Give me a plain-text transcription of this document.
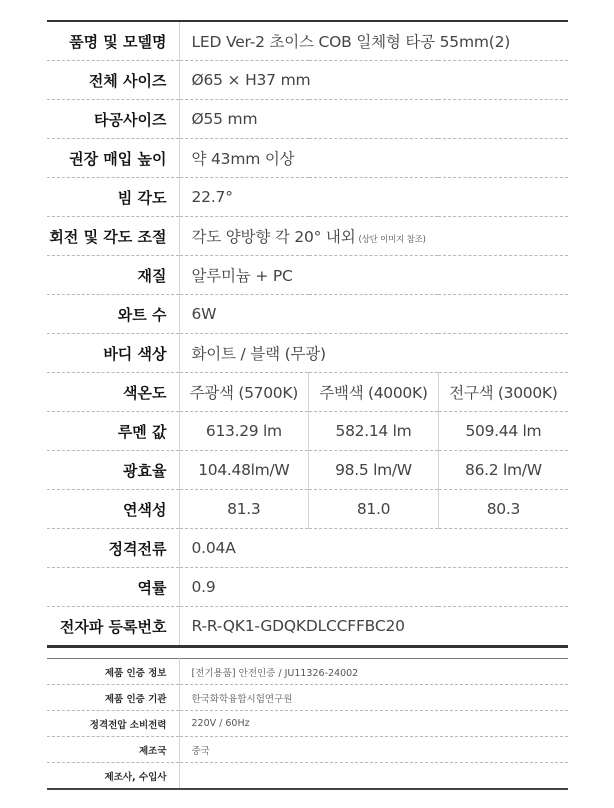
품명 및 모델명	LED Ver-2 초이스 COB 일체형 타공 55mm(2)		
전체 사이즈	Ø65 × H37 mm		
타공사이즈	Ø55 mm		
권장 매입 높이	약 43mm 이상		
빔 각도	22.7°		
회전 및 각도 조절	각도 양방향 각 20° 내외 (상단 이미지 참조)		
재질	알루미늄 + PC		
와트 수	6W		
바디 색상	화이트 / 블랙 (무광)		
색온도	주광색 (5700K)	주백색 (4000K)	전구색 (3000K)
루멘 값	613.29 lm	582.14 lm	509.44 lm
광효율	104.48lm/W	98.5 lm/W	86.2 lm/W
연색성	81.3	81.0	80.3
정격전류	0.04A		
역률	0.9		
전자파 등록번호	R-R-QK1-GDQKDLCCFFBC20		
제품 인증 정보	[전기용품] 안전인증 / JU11326-24002
제품 인증 기관	한국화학융합시험연구원
정격전압 소비전력	220V / 60Hz
제조국	중국
제조사, 수입사	
